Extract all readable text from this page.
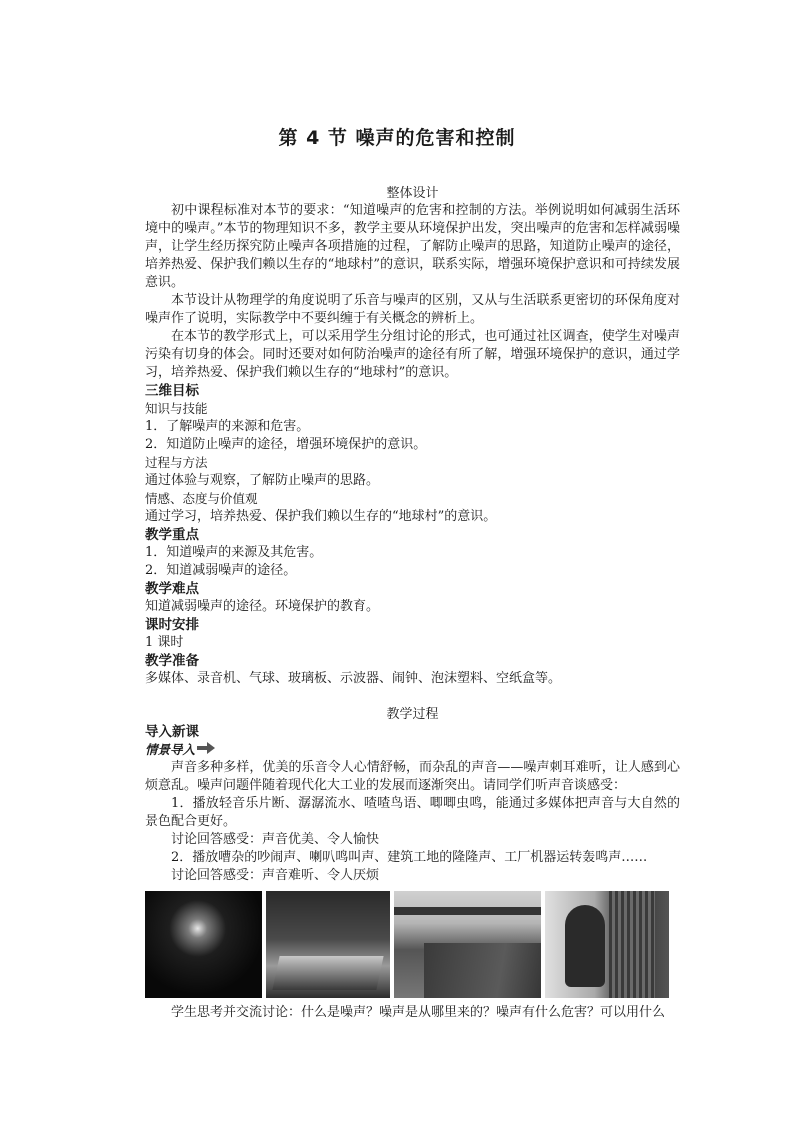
第 4 节 噪声的危害和控制
整体设计

初中课程标准对本节的要求：“知道噪声的危害和控制的方法。举例说明如何减弱生活环境中的噪声。”本节的物理知识不多，教学主要从环境保护出发，突出噪声的危害和怎样减弱噪声，让学生经历探究防止噪声各项措施的过程，了解防止噪声的思路，知道防止噪声的途径，培养热爱、保护我们赖以生存的“地球村”的意识，联系实际，增强环境保护意识和可持续发展意识。

本节设计从物理学的角度说明了乐音与噪声的区别，又从与生活联系更密切的环保角度对噪声作了说明，实际教学中不要纠缠于有关概念的辨析上。

在本节的教学形式上，可以采用学生分组讨论的形式，也可通过社区调查，使学生对噪声污染有切身的体会。同时还要对如何防治噪声的途径有所了解，增强环境保护的意识，通过学习，培养热爱、保护我们赖以生存的“地球村”的意识。

三维目标

知识与技能

1．了解噪声的来源和危害。

2．知道防止噪声的途径，增强环境保护的意识。

过程与方法

通过体验与观察，了解防止噪声的思路。

情感、态度与价值观

通过学习，培养热爱、保护我们赖以生存的“地球村”的意识。

教学重点

1．知道噪声的来源及其危害。

2．知道减弱噪声的途径。

教学难点

知道减弱噪声的途径。环境保护的教育。

课时安排

1 课时

教学准备

多媒体、录音机、气球、玻璃板、示波器、闹钟、泡沫塑料、空纸盒等。

教学过程

导入新课

情景导入

声音多种多样，优美的乐音令人心情舒畅，而杂乱的声音——噪声刺耳难听，让人感到心烦意乱。噪声问题伴随着现代化大工业的发展而逐渐突出。请同学们听声音谈感受：

1．播放轻音乐片断、潺潺流水、喳喳鸟语、唧唧虫鸣，能通过多媒体把声音与大自然的景色配合更好。

讨论回答感受：声音优美、令人愉快

2．播放嘈杂的吵闹声、喇叭鸣叫声、建筑工地的隆隆声、工厂机器运转轰鸣声……

讨论回答感受：声音难听、令人厌烦

学生思考并交流讨论：什么是噪声？噪声是从哪里来的？噪声有什么危害？可以用什么
